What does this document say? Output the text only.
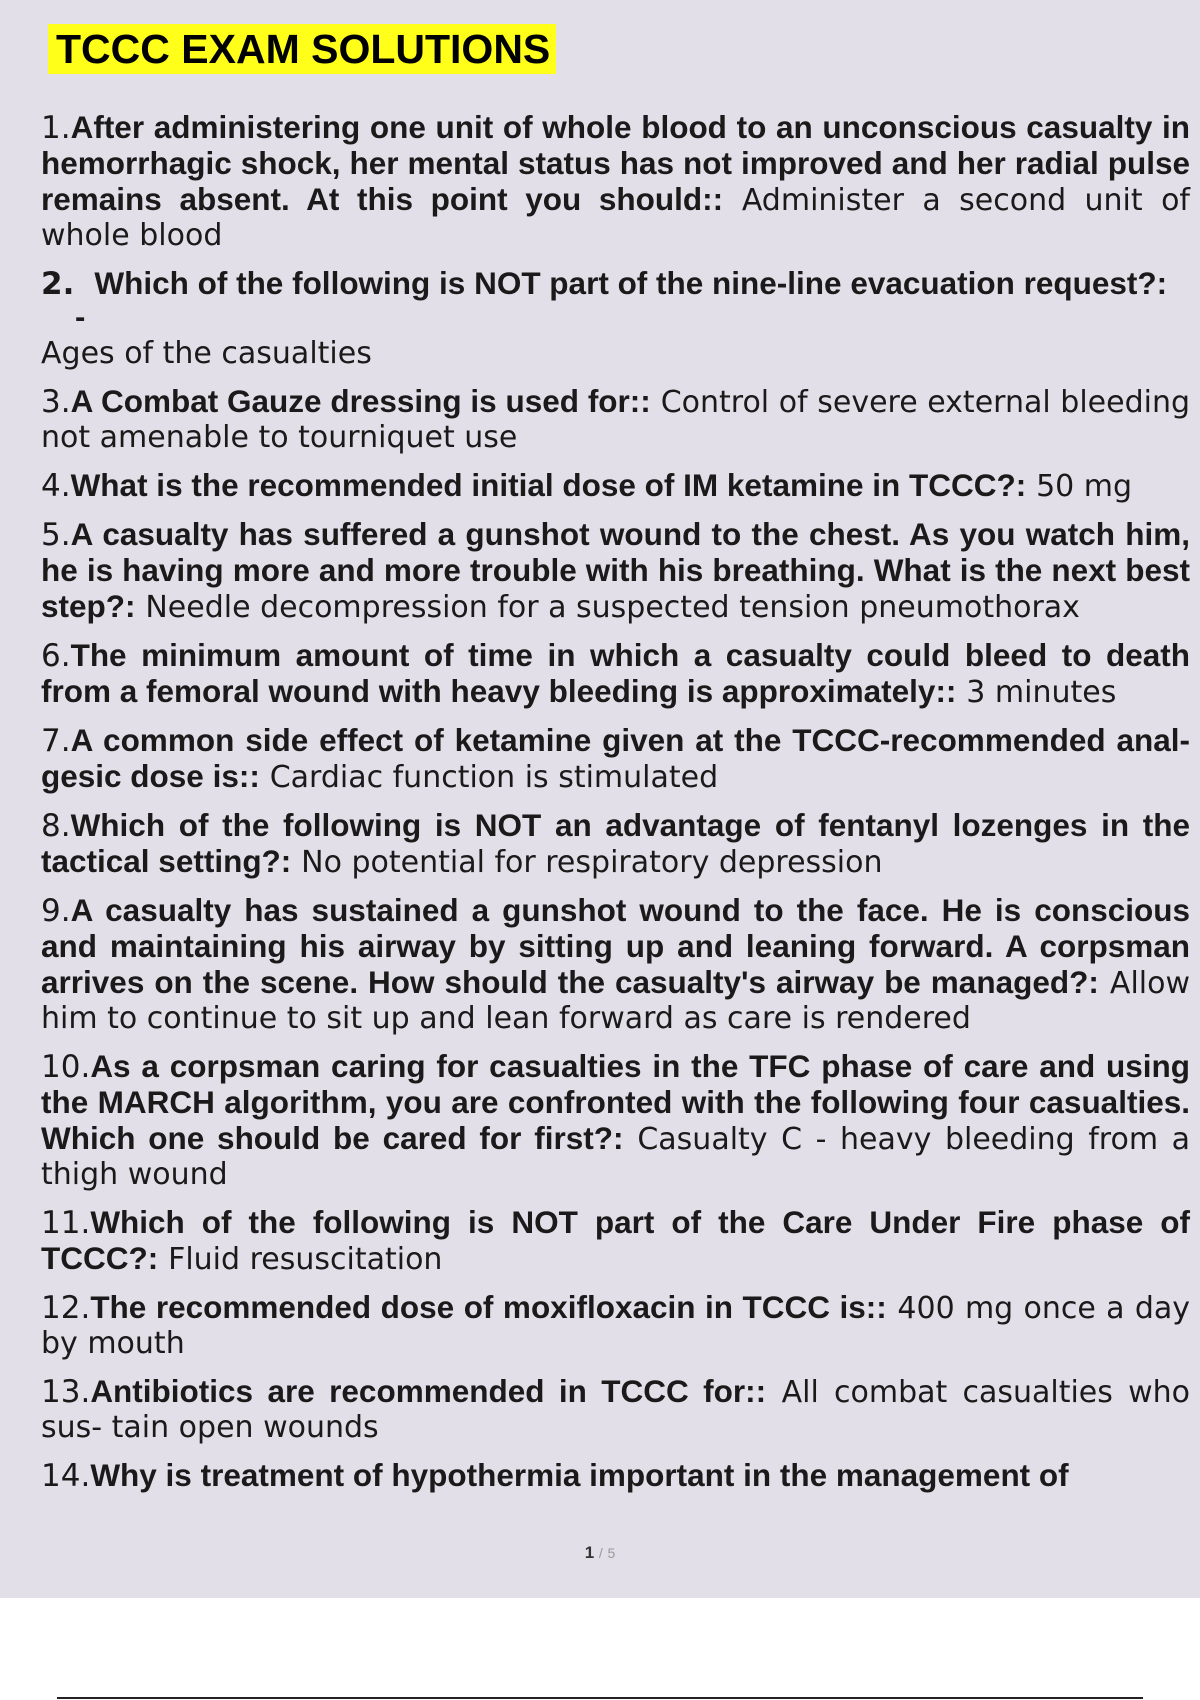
TCCC EXAM SOLUTIONS
1.After administering one unit of whole blood to an unconscious casualty in hemorrhagic shock, her mental status has not improved and her radial pulse remains absent. At this point you should:: Administer a second unit of whole blood
2. Which of the following is NOT part of the nine-line evacuation request?:
-
Ages of the casualties
3.A Combat Gauze dressing is used for:: Control of severe external bleeding not amenable to tourniquet use
4.What is the recommended initial dose of IM ketamine in TCCC?: 50 mg
5.A casualty has suffered a gunshot wound to the chest. As you watch him, he is having more and more trouble with his breathing. What is the next best step?: Needle decompression for a suspected tension pneumothorax
6.The minimum amount of time in which a casualty could bleed to death from a femoral wound with heavy bleeding is approximately:: 3 minutes
7.A common side effect of ketamine given at the TCCC-recommended anal- gesic dose is:: Cardiac function is stimulated
8.Which of the following is NOT an advantage of fentanyl lozenges in the tactical setting?: No potential for respiratory depression
9.A casualty has sustained a gunshot wound to the face. He is conscious and maintaining his airway by sitting up and leaning forward. A corpsman arrives on the scene. How should the casualty's airway be managed?: Allow him to continue to sit up and lean forward as care is rendered
10.As a corpsman caring for casualties in the TFC phase of care and using the MARCH algorithm, you are confronted with the following four casualties. Which one should be cared for first?: Casualty C - heavy bleeding from a thigh wound
11.Which of the following is NOT part of the Care Under Fire phase of TCCC?: Fluid resuscitation
12.The recommended dose of moxifloxacin in TCCC is:: 400 mg once a day by mouth
13.Antibiotics are recommended in TCCC for:: All combat casualties who sus- tain open wounds
14.Why is treatment of hypothermia important in the management of
1 / 5
